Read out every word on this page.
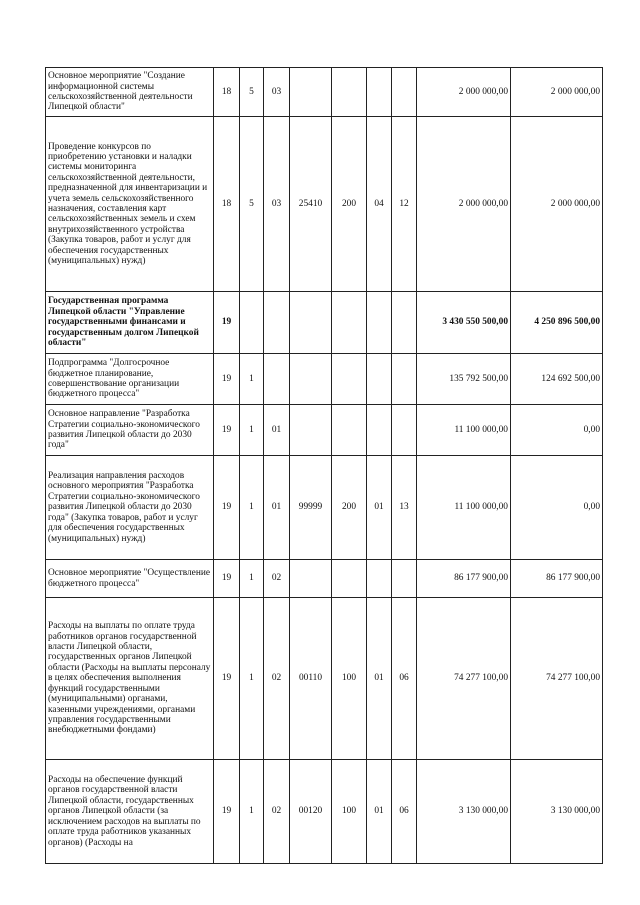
Основное мероприятие "Создание информационной системы сельскохозяйственной деятельности Липецкой области"	18	5	03					2 000 000,00	2 000 000,00
Проведение конкурсов по приобретению установки и наладки системы мониторинга сельскохозяйственной деятельности, предназначенной для инвентаризации и учета земель сельскохозяйственного назначения, составления карт сельскохозяйственных земель и схем внутрихозяйственного устройства (Закупка товаров, работ и услуг для обеспечения государственных (муниципальных) нужд)	18	5	03	25410	200	04	12	2 000 000,00	2 000 000,00
Государственная программа Липецкой области "Управление государственными финансами и государственным долгом Липецкой области"	19							3 430 550 500,00	4 250 896 500,00
Подпрограмма "Долгосрочное бюджетное планирование, совершенствование организации бюджетного процесса"	19	1						135 792 500,00	124 692 500,00
Основное направление "Разработка Стратегии социально-экономического развития Липецкой области до 2030 года"	19	1	01					11 100 000,00	0,00
Реализация направления расходов основного мероприятия "Разработка Стратегии социально-экономического развития Липецкой области до 2030 года" (Закупка товаров, работ и услуг для обеспечения государственных (муниципальных) нужд)	19	1	01	99999	200	01	13	11 100 000,00	0,00
Основное мероприятие "Осуществление бюджетного процесса"	19	1	02					86 177 900,00	86 177 900,00
Расходы на выплаты по оплате труда работников органов государственной власти Липецкой области, государственных органов Липецкой области (Расходы на выплаты персоналу в целях обеспечения выполнения функций государственными (муниципальными) органами, казенными учреждениями, органами управления государственными внебюджетными фондами)	19	1	02	00110	100	01	06	74 277 100,00	74 277 100,00
Расходы на обеспечение функций органов государственной власти Липецкой области, государственных органов Липецкой области (за исключением расходов на выплаты по оплате труда работников указанных органов) (Расходы на	19	1	02	00120	100	01	06	3 130 000,00	3 130 000,00
